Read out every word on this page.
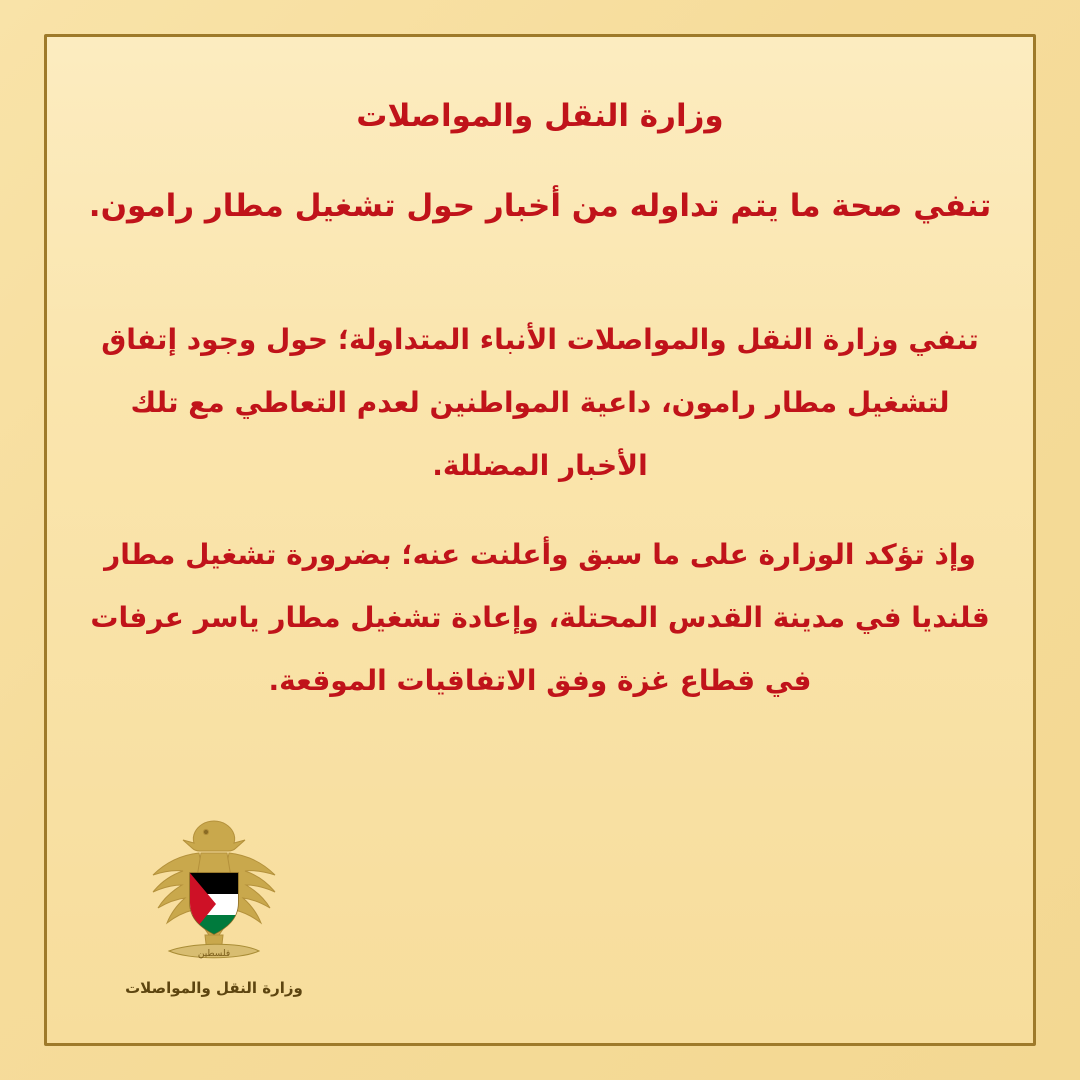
وزارة النقل والمواصلات
تنفي صحة ما يتم تداوله من أخبار حول تشغيل مطار رامون.

تنفي وزارة النقل والمواصلات الأنباء المتداولة؛ حول وجود إتفاق لتشغيل مطار رامون، داعية المواطنين لعدم التعاطي مع تلك الأخبار المضللة.

وإذ تؤكد الوزارة على ما سبق وأعلنت عنه؛ بضرورة تشغيل مطار قلنديا في مدينة القدس المحتلة، وإعادة تشغيل مطار ياسر عرفات في قطاع غزة وفق الاتفاقيات الموقعة.

فلسطين
وزارة النقل والمواصلات
